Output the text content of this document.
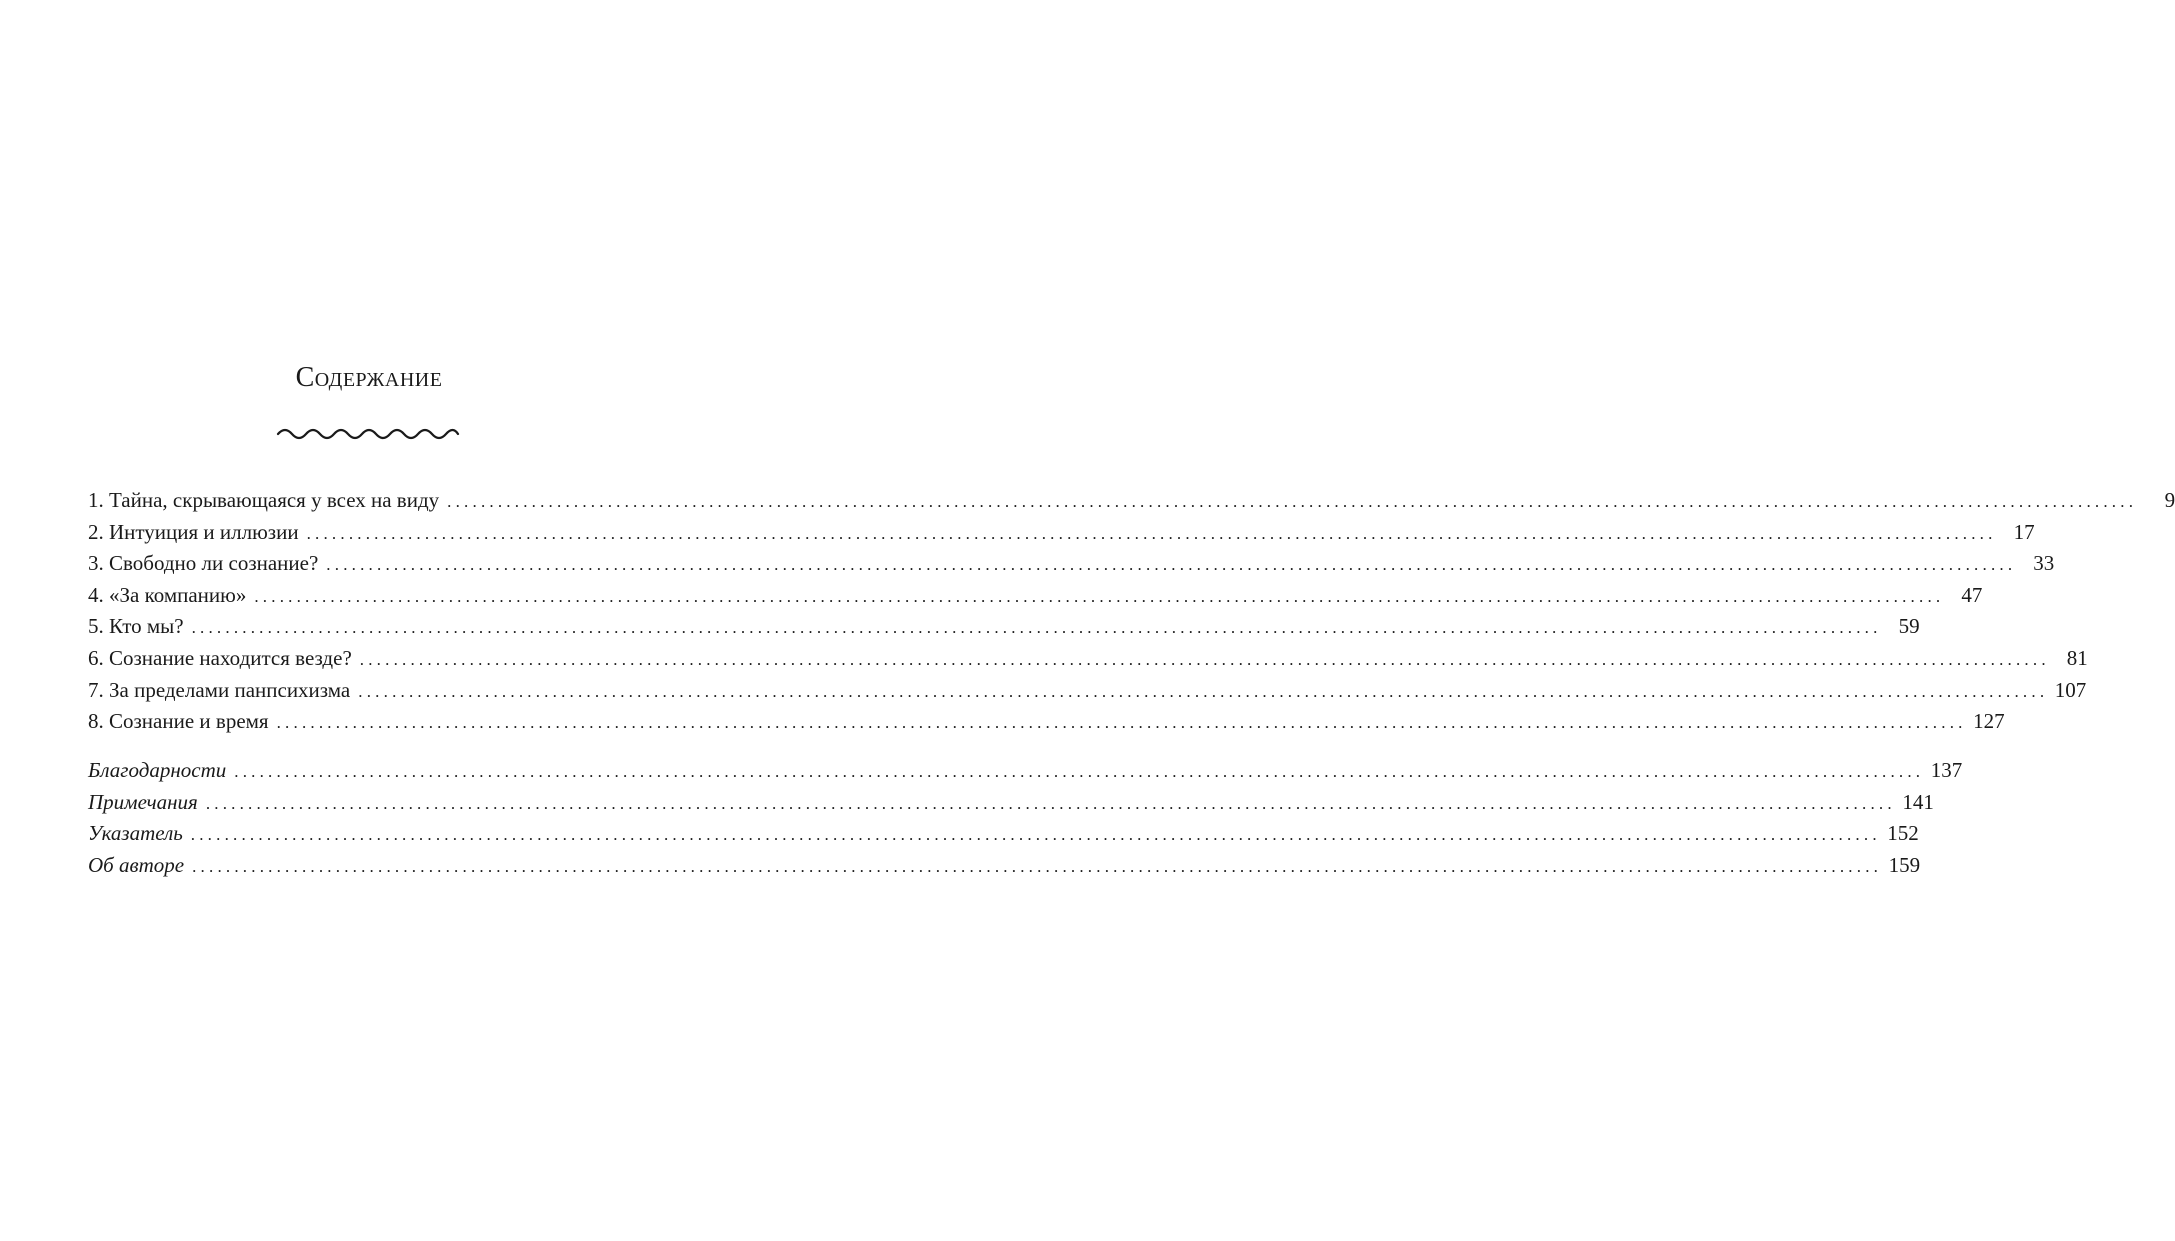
Содержание
1. Тайна, скрывающаяся у всех на виду ........................................................................................................................................................................................................	9
2. Интуиция и иллюзии ........................................................................................................................................................................................................ 17
3. Свободно ли сознание? ........................................................................................................................................................................................................ 33
4. «За компанию» ........................................................................................................................................................................................................ 47
5. Кто мы? ........................................................................................................................................................................................................ 59
6. Сознание находится везде? ........................................................................................................................................................................................................ 81
7. За пределами панпсихизма ........................................................................................................................................................................................................ 107
8. Сознание и время ........................................................................................................................................................................................................ 127
Благодарности ........................................................................................................................................................................................................ 137
Примечания ........................................................................................................................................................................................................ 141
Указатель ........................................................................................................................................................................................................ 152
Об авторе ........................................................................................................................................................................................................ 159
